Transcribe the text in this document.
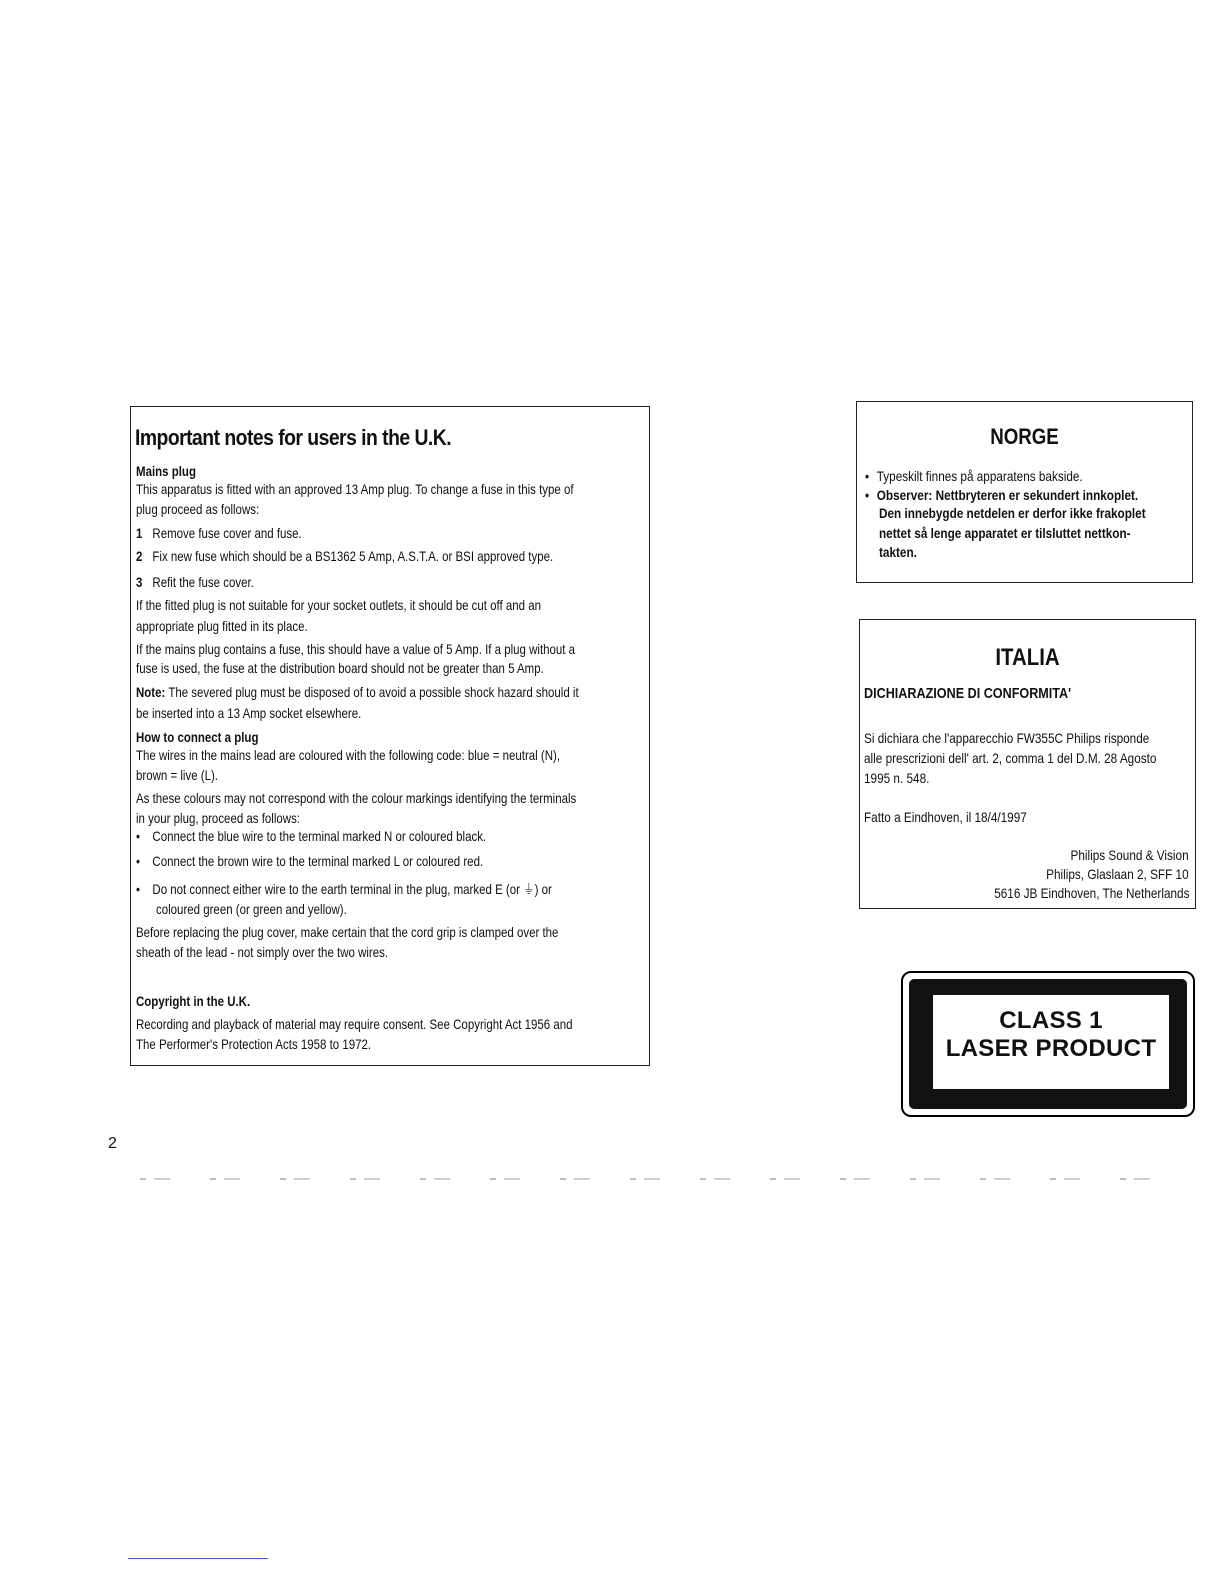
Important notes for users in the U.K.
Mains plug
This apparatus is fitted with an approved 13 Amp plug. To change a fuse in this type of
plug proceed as follows:
1 Remove fuse cover and fuse.
2 Fix new fuse which should be a BS1362 5 Amp, A.S.T.A. or BSI approved type.
3 Refit the fuse cover.
If the fitted plug is not suitable for your socket outlets, it should be cut off and an
appropriate plug fitted in its place.
If the mains plug contains a fuse, this should have a value of 5 Amp. If a plug without a
fuse is used, the fuse at the distribution board should not be greater than 5 Amp.
Note: The severed plug must be disposed of to avoid a possible shock hazard should it
be inserted into a 13 Amp socket elsewhere.
How to connect a plug
The wires in the mains lead are coloured with the following code: blue = neutral (N),
brown = live (L).
As these colours may not correspond with the colour markings identifying the terminals
in your plug, proceed as follows:
• Connect the blue wire to the terminal marked N or coloured black.
• Connect the brown wire to the terminal marked L or coloured red.
• Do not connect either wire to the earth terminal in the plug, marked E (or ⏚) or
coloured green (or green and yellow).
Before replacing the plug cover, make certain that the cord grip is clamped over the
sheath of the lead - not simply over the two wires.
Copyright in the U.K.
Recording and playback of material may require consent. See Copyright Act 1956 and
The Performer's Protection Acts 1958 to 1972.
NORGE
• Typeskilt finnes på apparatens bakside.
• Observer: Nettbryteren er sekundert innkoplet.
Den innebygde netdelen er derfor ikke frakoplet
nettet så lenge apparatet er tilsluttet nettkon-
takten.
ITALIA
DICHIARAZIONE DI CONFORMITA'
Si dichiara che l'apparecchio FW355C Philips risponde
alle prescrizioni dell' art. 2, comma 1 del D.M. 28 Agosto
1995 n. 548.
Fatto a Eindhoven, il 18/4/1997
Philips Sound & Vision
Philips, Glaslaan 2, SFF 10
5616 JB Eindhoven, The Netherlands
CLASS 1
LASER PRODUCT
2
